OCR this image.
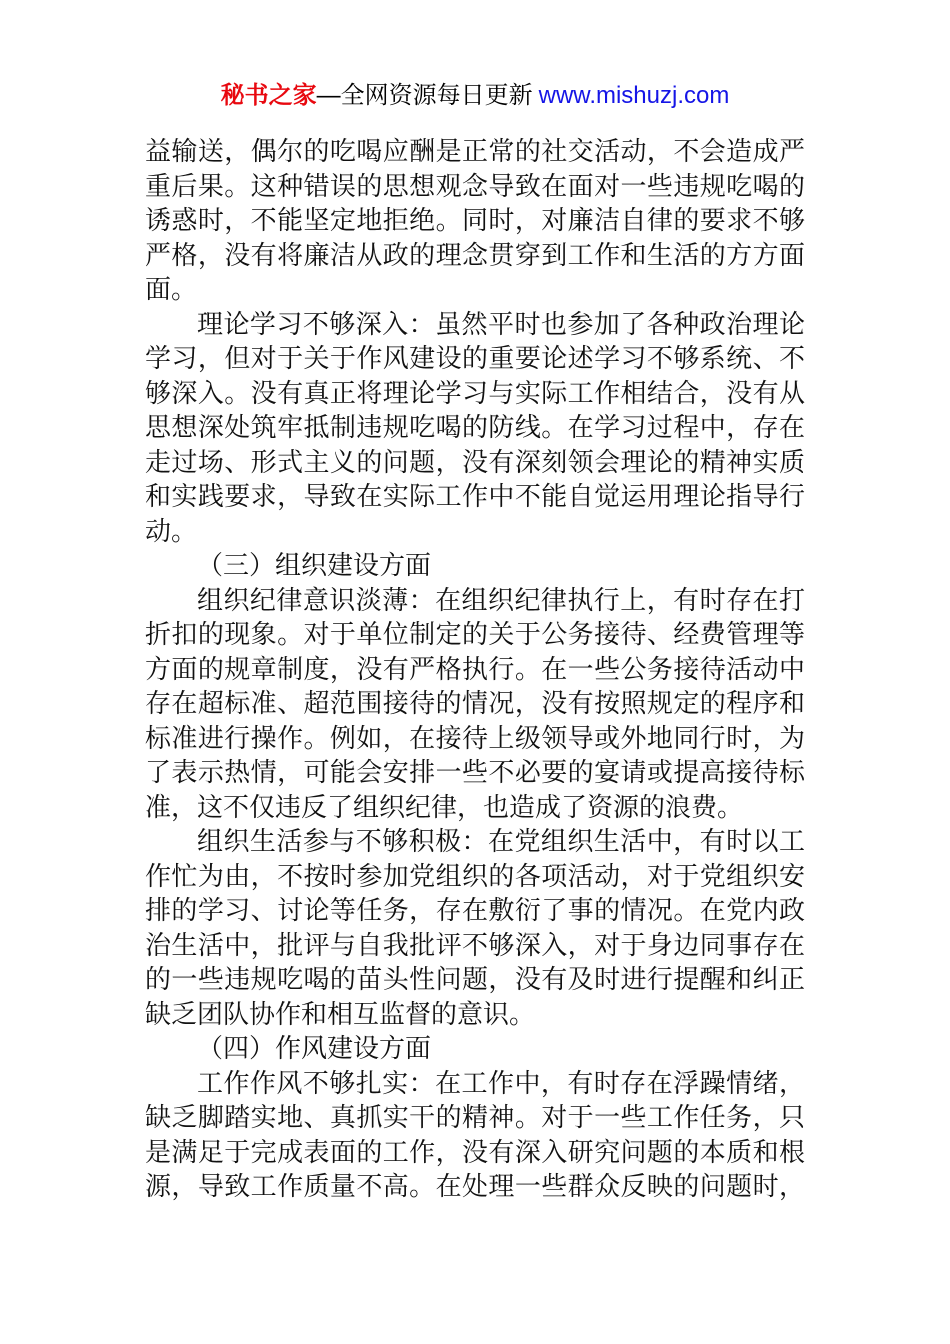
秘书之家—全网资源每日更新 www.mishuzj.com
益输送，偶尔的吃喝应酬是正常的社交活动，不会造成严
重后果。这种错误的思想观念导致在面对一些违规吃喝的
诱惑时，不能坚定地拒绝。同时，对廉洁自律的要求不够
严格，没有将廉洁从政的理念贯穿到工作和生活的方方面
面。
理论学习不够深入：虽然平时也参加了各种政治理论
学习，但对于关于作风建设的重要论述学习不够系统、不
够深入。没有真正将理论学习与实际工作相结合，没有从
思想深处筑牢抵制违规吃喝的防线。在学习过程中，存在
走过场、形式主义的问题，没有深刻领会理论的精神实质
和实践要求，导致在实际工作中不能自觉运用理论指导行
动。
（三）组织建设方面
组织纪律意识淡薄：在组织纪律执行上，有时存在打
折扣的现象。对于单位制定的关于公务接待、经费管理等
方面的规章制度，没有严格执行。在一些公务接待活动中
存在超标准、超范围接待的情况，没有按照规定的程序和
标准进行操作。例如，在接待上级领导或外地同行时，为
了表示热情，可能会安排一些不必要的宴请或提高接待标
准，这不仅违反了组织纪律，也造成了资源的浪费。
组织生活参与不够积极：在党组织生活中，有时以工
作忙为由，不按时参加党组织的各项活动，对于党组织安
排的学习、讨论等任务，存在敷衍了事的情况。在党内政
治生活中，批评与自我批评不够深入，对于身边同事存在
的一些违规吃喝的苗头性问题，没有及时进行提醒和纠正
缺乏团队协作和相互监督的意识。
（四）作风建设方面
工作作风不够扎实：在工作中，有时存在浮躁情绪，
缺乏脚踏实地、真抓实干的精神。对于一些工作任务，只
是满足于完成表面的工作，没有深入研究问题的本质和根
源，导致工作质量不高。在处理一些群众反映的问题时，
